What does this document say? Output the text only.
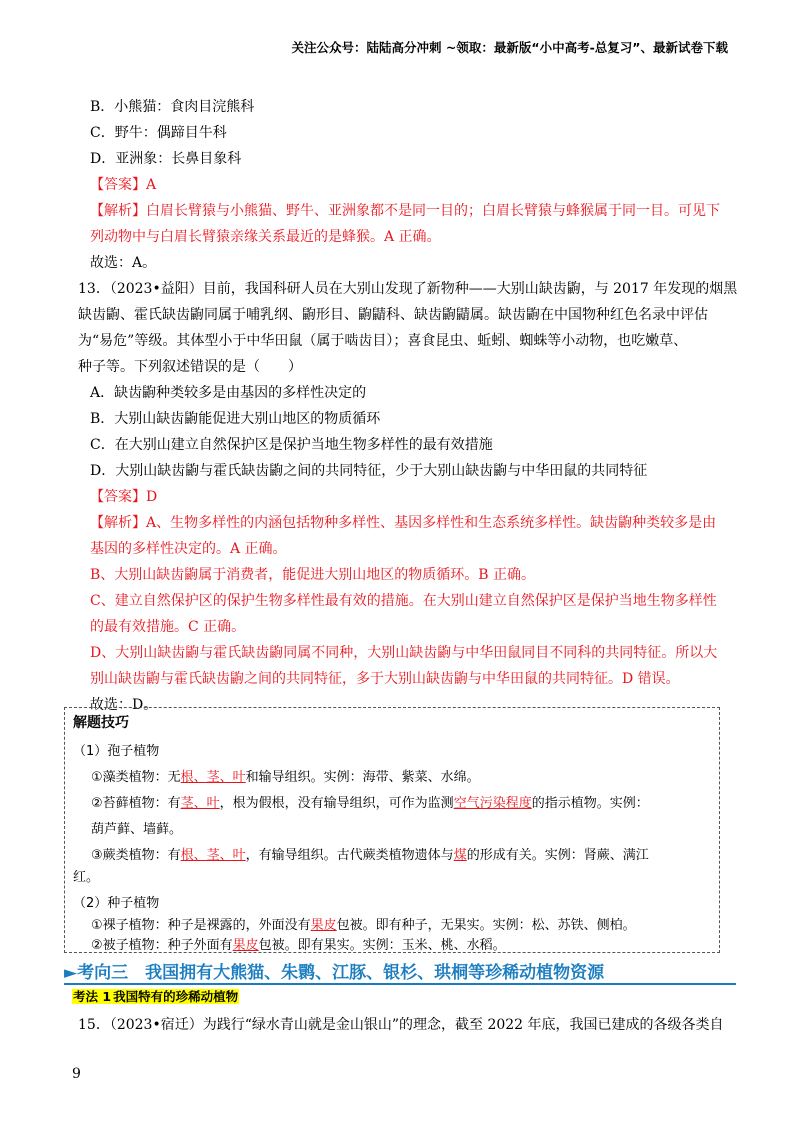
关注公众号：陆陆高分冲刺 ~领取：最新版“小中高考-总复习”、最新试卷下载
B．小熊猫：食肉目浣熊科
C．野牛：偶蹄目牛科
D．亚洲象：长鼻目象科
【答案】A
【解析】白眉长臂猿与小熊猫、野牛、亚洲象都不是同一目的；白眉长臂猿与蜂猴属于同一目。可见下
列动物中与白眉长臂猿亲缘关系最近的是蜂猴。A 正确。
故选：A。
13．（2023•益阳）目前，我国科研人员在大别山发现了新物种——大别山缺齿鼩，与 2017 年发现的烟黑
缺齿鼩、霍氏缺齿鼩同属于哺乳纲、鼩形目、鼩鼱科、缺齿鼩鼱属。缺齿鼩在中国物种红色名录中评估
为“易危”等级。其体型小于中华田鼠（属于啮齿目）；喜食昆虫、蚯蚓、蜘蛛等小动物，也吃嫩草、
种子等。下列叙述错误的是（　　）
A．缺齿鼩种类较多是由基因的多样性决定的
B．大别山缺齿鼩能促进大别山地区的物质循环
C．在大别山建立自然保护区是保护当地生物多样性的最有效措施
D．大别山缺齿鼩与霍氏缺齿鼩之间的共同特征，少于大别山缺齿鼩与中华田鼠的共同特征
【答案】D
【解析】A、生物多样性的内涵包括物种多样性、基因多样性和生态系统多样性。缺齿鼩种类较多是由
基因的多样性决定的。A 正确。
B、大别山缺齿鼩属于消费者，能促进大别山地区的物质循环。B 正确。
C、建立自然保护区的保护生物多样性最有效的措施。在大别山建立自然保护区是保护当地生物多样性
的最有效措施。C 正确。
D、大别山缺齿鼩与霍氏缺齿鼩同属不同种，大别山缺齿鼩与中华田鼠同目不同科的共同特征。所以大
别山缺齿鼩与霍氏缺齿鼩之间的共同特征，多于大别山缺齿鼩与中华田鼠的共同特征。D 错误。
故选：D。
解题技巧
（1）孢子植物
①藻类植物：无根、茎、叶和输导组织。实例：海带、紫菜、水绵。
②苔藓植物：有茎、叶，根为假根，没有输导组织，可作为监测空气污染程度的指示植物。实例：
葫芦藓、墙藓。
③蕨类植物：有根、茎、叶，有输导组织。古代蕨类植物遗体与煤的形成有关。实例：肾蕨、满江
红。
（2）种子植物
①裸子植物：种子是裸露的，外面没有果皮包被。即有种子，无果实。实例：松、苏铁、侧柏。
②被子植物：种子外面有果皮包被。即有果实。实例：玉米、桃、水稻。
►考向三　我国拥有大熊猫、朱鹮、江豚、银杉、珙桐等珍稀动植物资源
考法 1 我国特有的珍稀动植物
15．（2023•宿迁）为践行“绿水青山就是金山银山”的理念，截至 2022 年底，我国已建成的各级各类自
9
